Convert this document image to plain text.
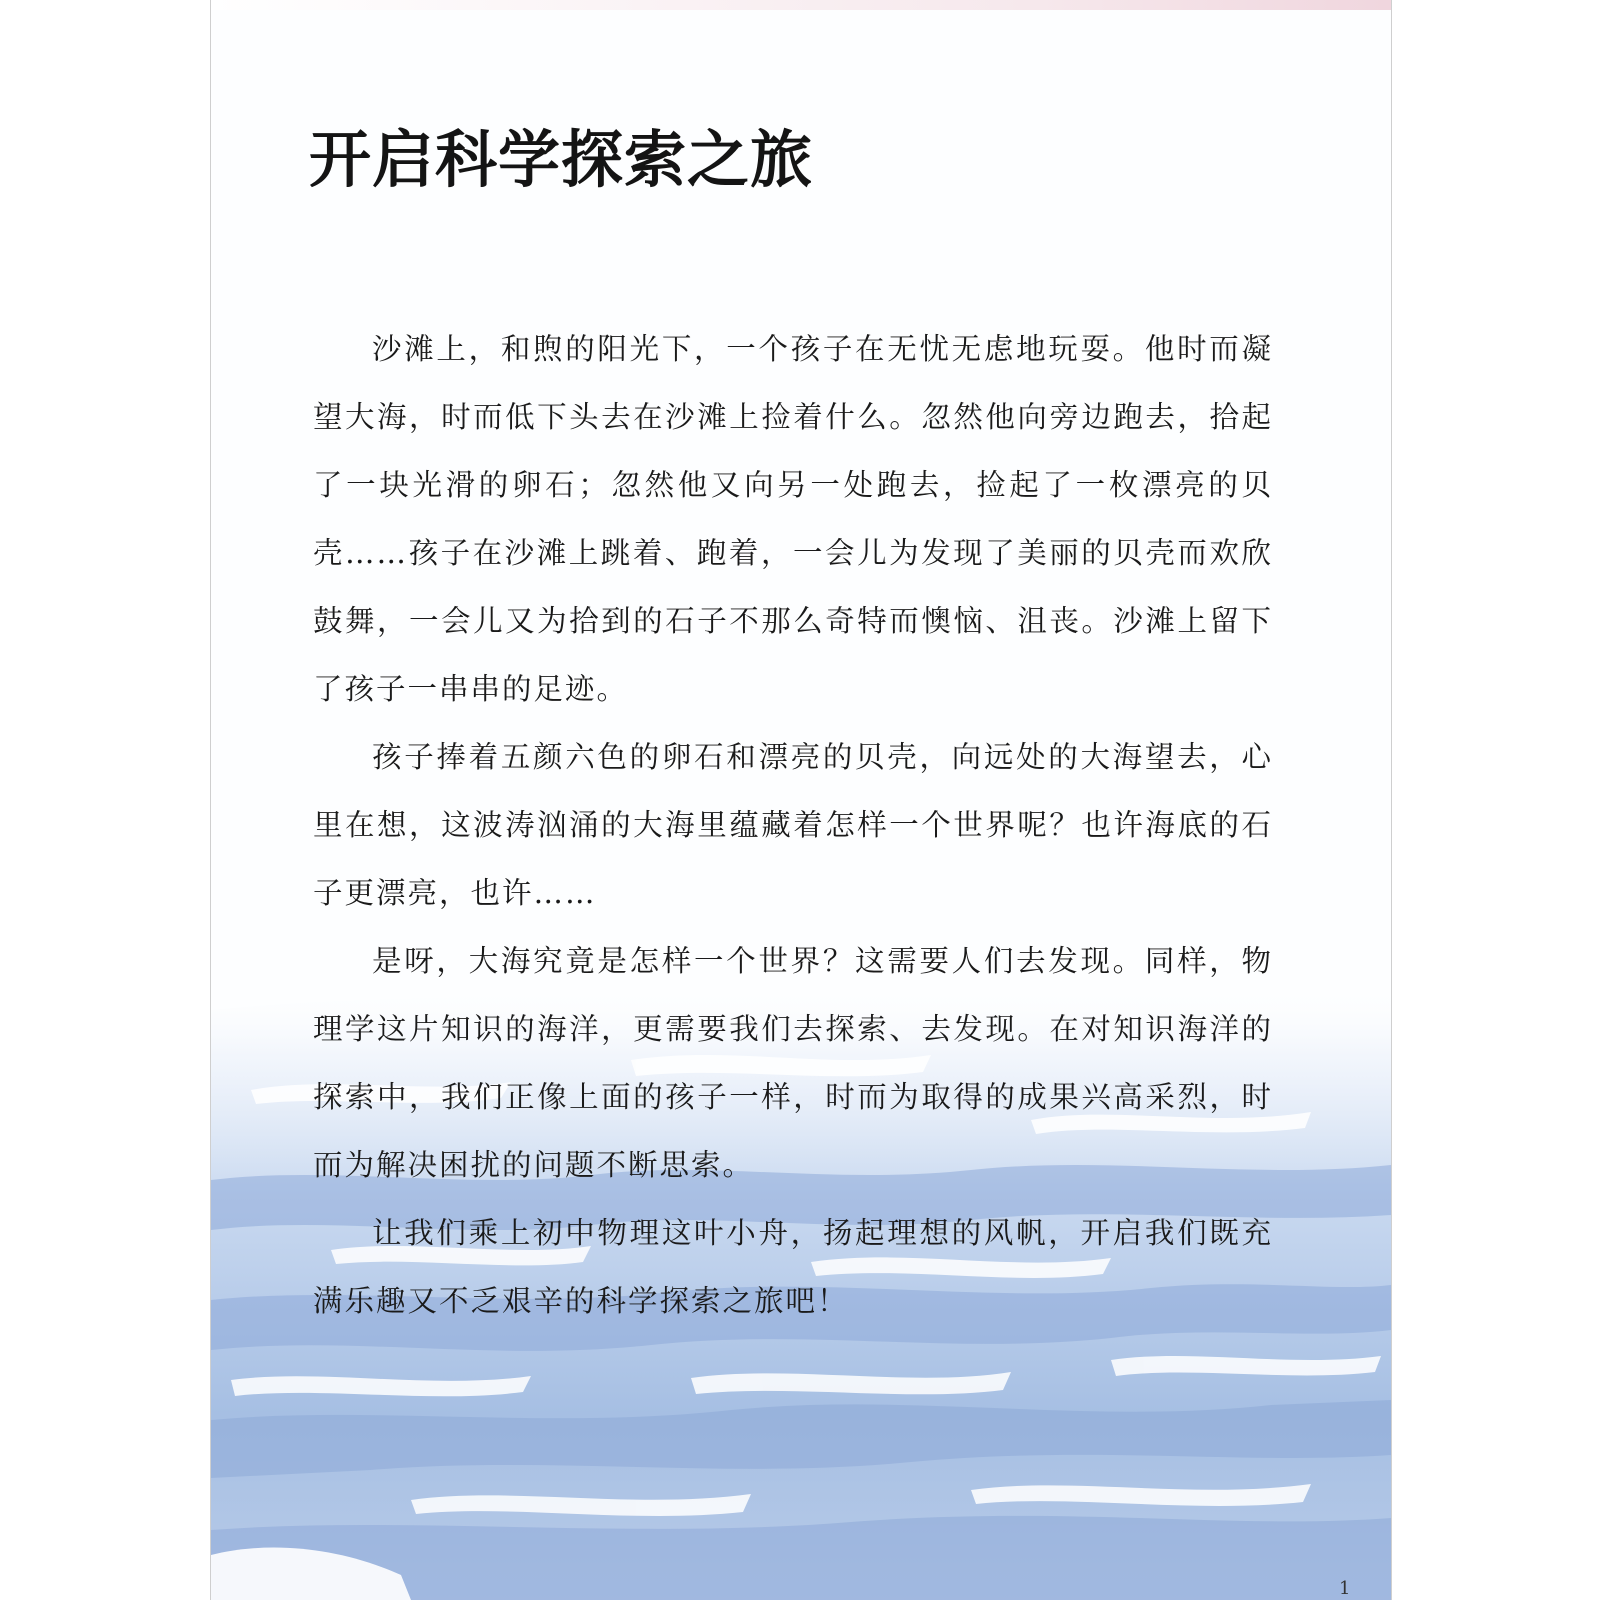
开启科学探索之旅

沙滩上，和煦的阳光下，一个孩子在无忧无虑地玩耍。他时而凝望大海，时而低下头去在沙滩上捡着什么。忽然他向旁边跑去，拾起了一块光滑的卵石；忽然他又向另一处跑去，捡起了一枚漂亮的贝壳……孩子在沙滩上跳着、跑着，一会儿为发现了美丽的贝壳而欢欣鼓舞，一会儿又为拾到的石子不那么奇特而懊恼、沮丧。沙滩上留下了孩子一串串的足迹。

孩子捧着五颜六色的卵石和漂亮的贝壳，向远处的大海望去，心里在想，这波涛汹涌的大海里蕴藏着怎样一个世界呢？也许海底的石子更漂亮，也许……

是呀，大海究竟是怎样一个世界？这需要人们去发现。同样，物理学这片知识的海洋，更需要我们去探索、去发现。在对知识海洋的探索中，我们正像上面的孩子一样，时而为取得的成果兴高采烈，时而为解决困扰的问题不断思索。

让我们乘上初中物理这叶小舟，扬起理想的风帆，开启我们既充满乐趣又不乏艰辛的科学探索之旅吧！

1
